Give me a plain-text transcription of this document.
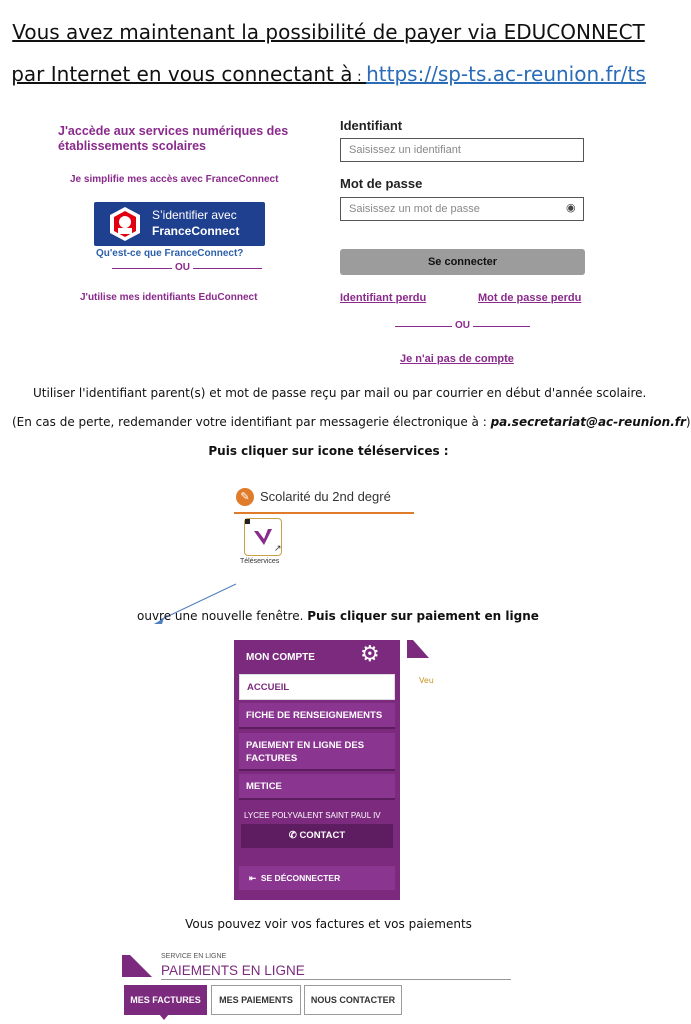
Vous avez maintenant la possibilité de payer via EDUCONNECT
par Internet en vous connectant à : https://sp-ts.ac-reunion.fr/ts
J'accède aux services numériques des établissements scolaires
Je simplifie mes accès avec FranceConnect
S’identifier avec
FranceConnect
Qu'est-ce que FranceConnect?
OU
J'utilise mes identifiants EduConnect
Identifiant
Saisissez un identifiant
Mot de passe
Saisissez un mot de passe	◉
Se connecter
Identifiant perdu	Mot de passe perdu
OU
Je n'ai pas de compte
Utiliser l'identifiant parent(s) et mot de passe reçu par mail ou par courrier en début d'année scolaire.
(En cas de perte, redemander votre identifiant par messagerie électronique à : pa.secretariat@ac-reunion.fr)
Puis cliquer sur icone téléservices :
✎ Scolarité du 2nd degré
↗
Téléservices
ouvre une nouvelle fenêtre. Puis cliquer sur paiement en ligne
MON COMPTE ⚙
ACCUEIL
FICHE DE RENSEIGNEMENTS
PAIEMENT EN LIGNE DES FACTURES
METICE
LYCEE POLYVALENT SAINT PAUL IV
✆ CONTACT
⇤ SE DÉCONNECTER
Veu
Vous pouvez voir vos factures et vos paiements
SERVICE EN LIGNE
PAIEMENTS EN LIGNE
MES FACTURES	MES PAIEMENTS	NOUS CONTACTER
